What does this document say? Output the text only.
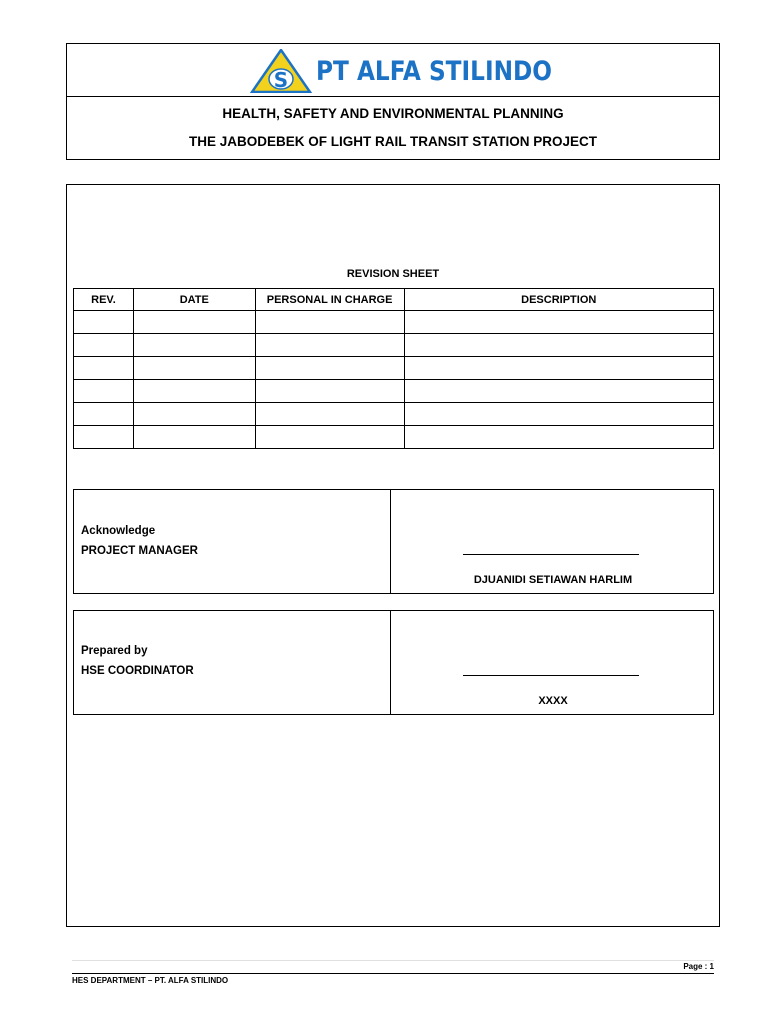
S PT ALFA STILINDO
HEALTH, SAFETY AND ENVIRONMENTAL PLANNING
THE JABODEBEK OF LIGHT RAIL TRANSIT STATION PROJECT
REVISION SHEET
REV.	DATE	PERSONAL IN CHARGE	DESCRIPTION

Acknowledge
PROJECT MANAGER
DJUANIDI SETIAWAN HARLIM
Prepared by
HSE COORDINATOR
XXXX
Page : 1
HES DEPARTMENT – PT. ALFA STILINDO
